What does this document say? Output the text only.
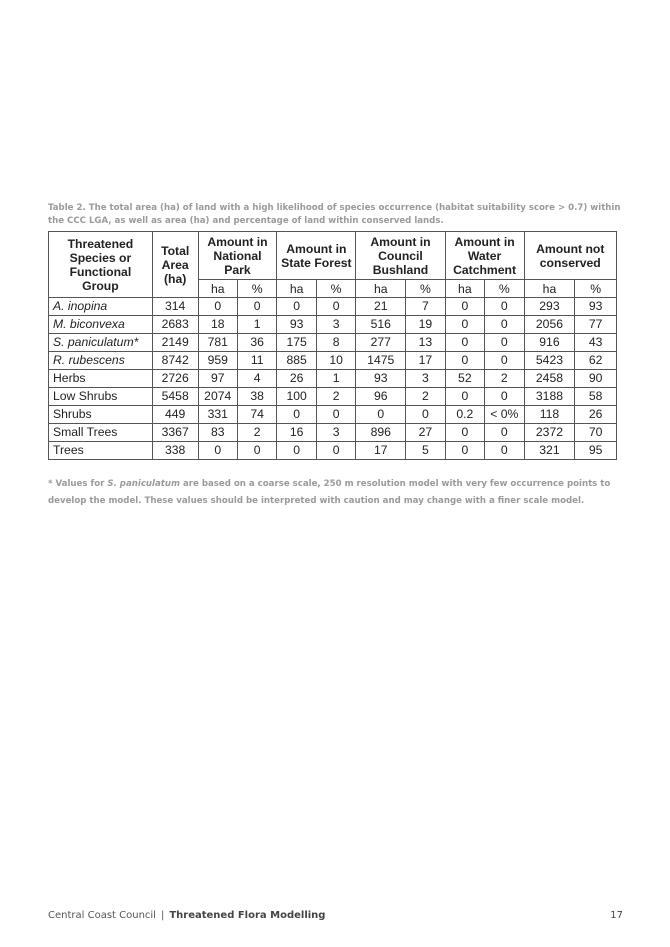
Table 2. The total area (ha) of land with a high likelihood of species occurrence (habitat suitability score > 0.7) within the CCC LGA, as well as area (ha) and percentage of land within conserved lands.
Threatened Species or Functional Group	Total Area (ha)	Amount in National Park		Amount in State Forest		Amount in Council Bushland		Amount in Water Catchment		Amount not conserved	
		ha	%	ha	%	ha	%	ha	%	ha	%
A. inopina	314	0	0	0	0	21	7	0	0	293	93
M. biconvexa	2683	18	1	93	3	516	19	0	0	2056	77
S. paniculatum*	2149	781	36	175	8	277	13	0	0	916	43
R. rubescens	8742	959	11	885	10	1475	17	0	0	5423	62
Herbs	2726	97	4	26	1	93	3	52	2	2458	90
Low Shrubs	5458	2074	38	100	2	96	2	0	0	3188	58
Shrubs	449	331	74	0	0	0	0	0.2	< 0%	118	26
Small Trees	3367	83	2	16	3	896	27	0	0	2372	70
Trees	338	0	0	0	0	17	5	0	0	321	95
* Values for S. paniculatum are based on a coarse scale, 250 m resolution model with very few occurrence points to develop the model. These values should be interpreted with caution and may change with a finer scale model.
Central Coast Council | Threatened Flora Modelling	17
